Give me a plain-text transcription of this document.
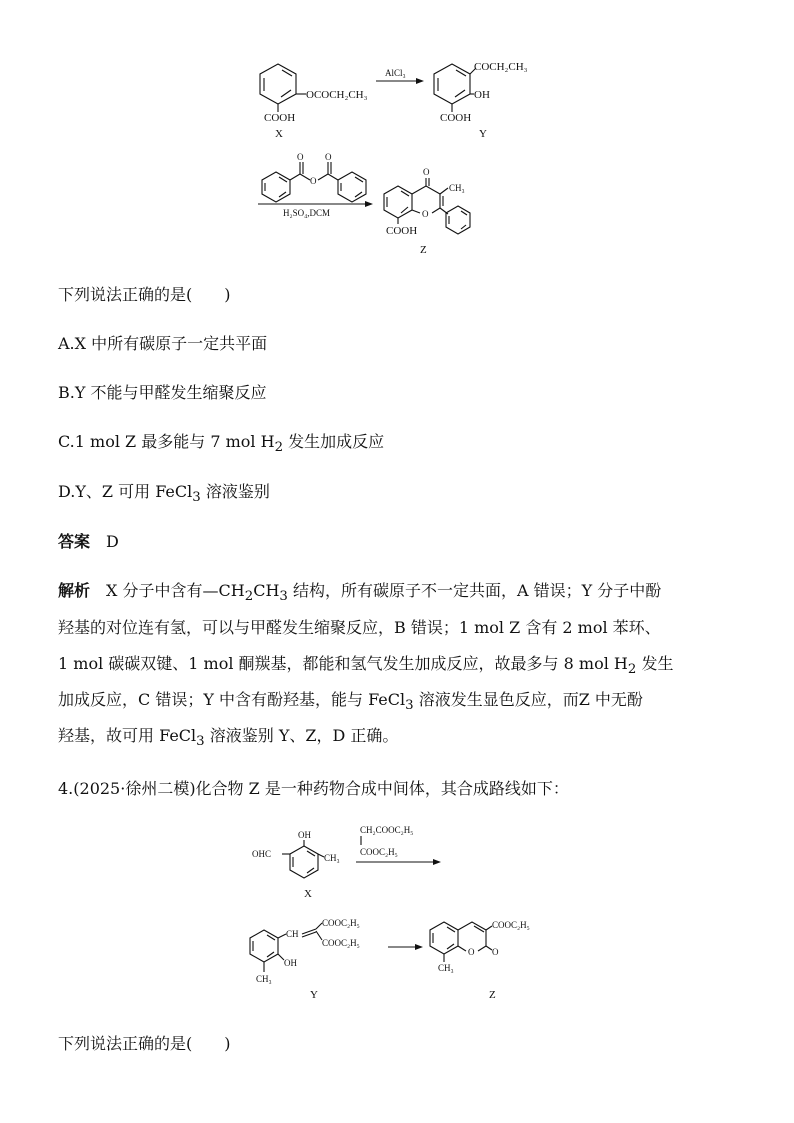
OCOCH₂CH₃
COOH
X
AlCl₃	COCH₂CH₃
OH
COOH
Y
O
O
O
H₂SO₄,DCM
O
CH₃
O
COOH
Z
下列说法正确的是(　　)
A.X 中所有碳原子一定共平面
B.Y 不能与甲醛发生缩聚反应
C.1 mol Z 最多能与 7 mol $H_2$ 发生加成反应
D.Y、Z 可用 FeCl$_3$ 溶液鉴别
答案　 D
解析　 X 分子中含有$—CH_2CH_3$ 结构，所有碳原子不一定共面，A 错误；Y 分子中酚
羟基的对位连有氢，可以与甲醛发生缩聚反应，B 错误；1 mol Z 含有 2 mol 苯环、
1 mol 碳碳双键、1 mol 酮羰基，都能和氢气发生加成反应，故最多与 8 mol $H_2$ 发生
加成反应，C 错误；Y 中含有酚羟基，能与 FeCl$_3$ 溶液发生显色反应，而Z 中无酚
羟基，故可用 FeCl$_3$ 溶液鉴别 Y、Z，D 正确。
4.(2025·徐州二模)化合物 Z 是一种药物合成中间体，其合成路线如下：
OH
OHC	CH₃
X
CH₂COOC₂H₅
COOC₂H₅
CH
COOC₂H₅
COOC₂H₅
OH
CH₃
Y
COOC₂H₅
O O
CH₃
Z
下列说法正确的是(　　)
